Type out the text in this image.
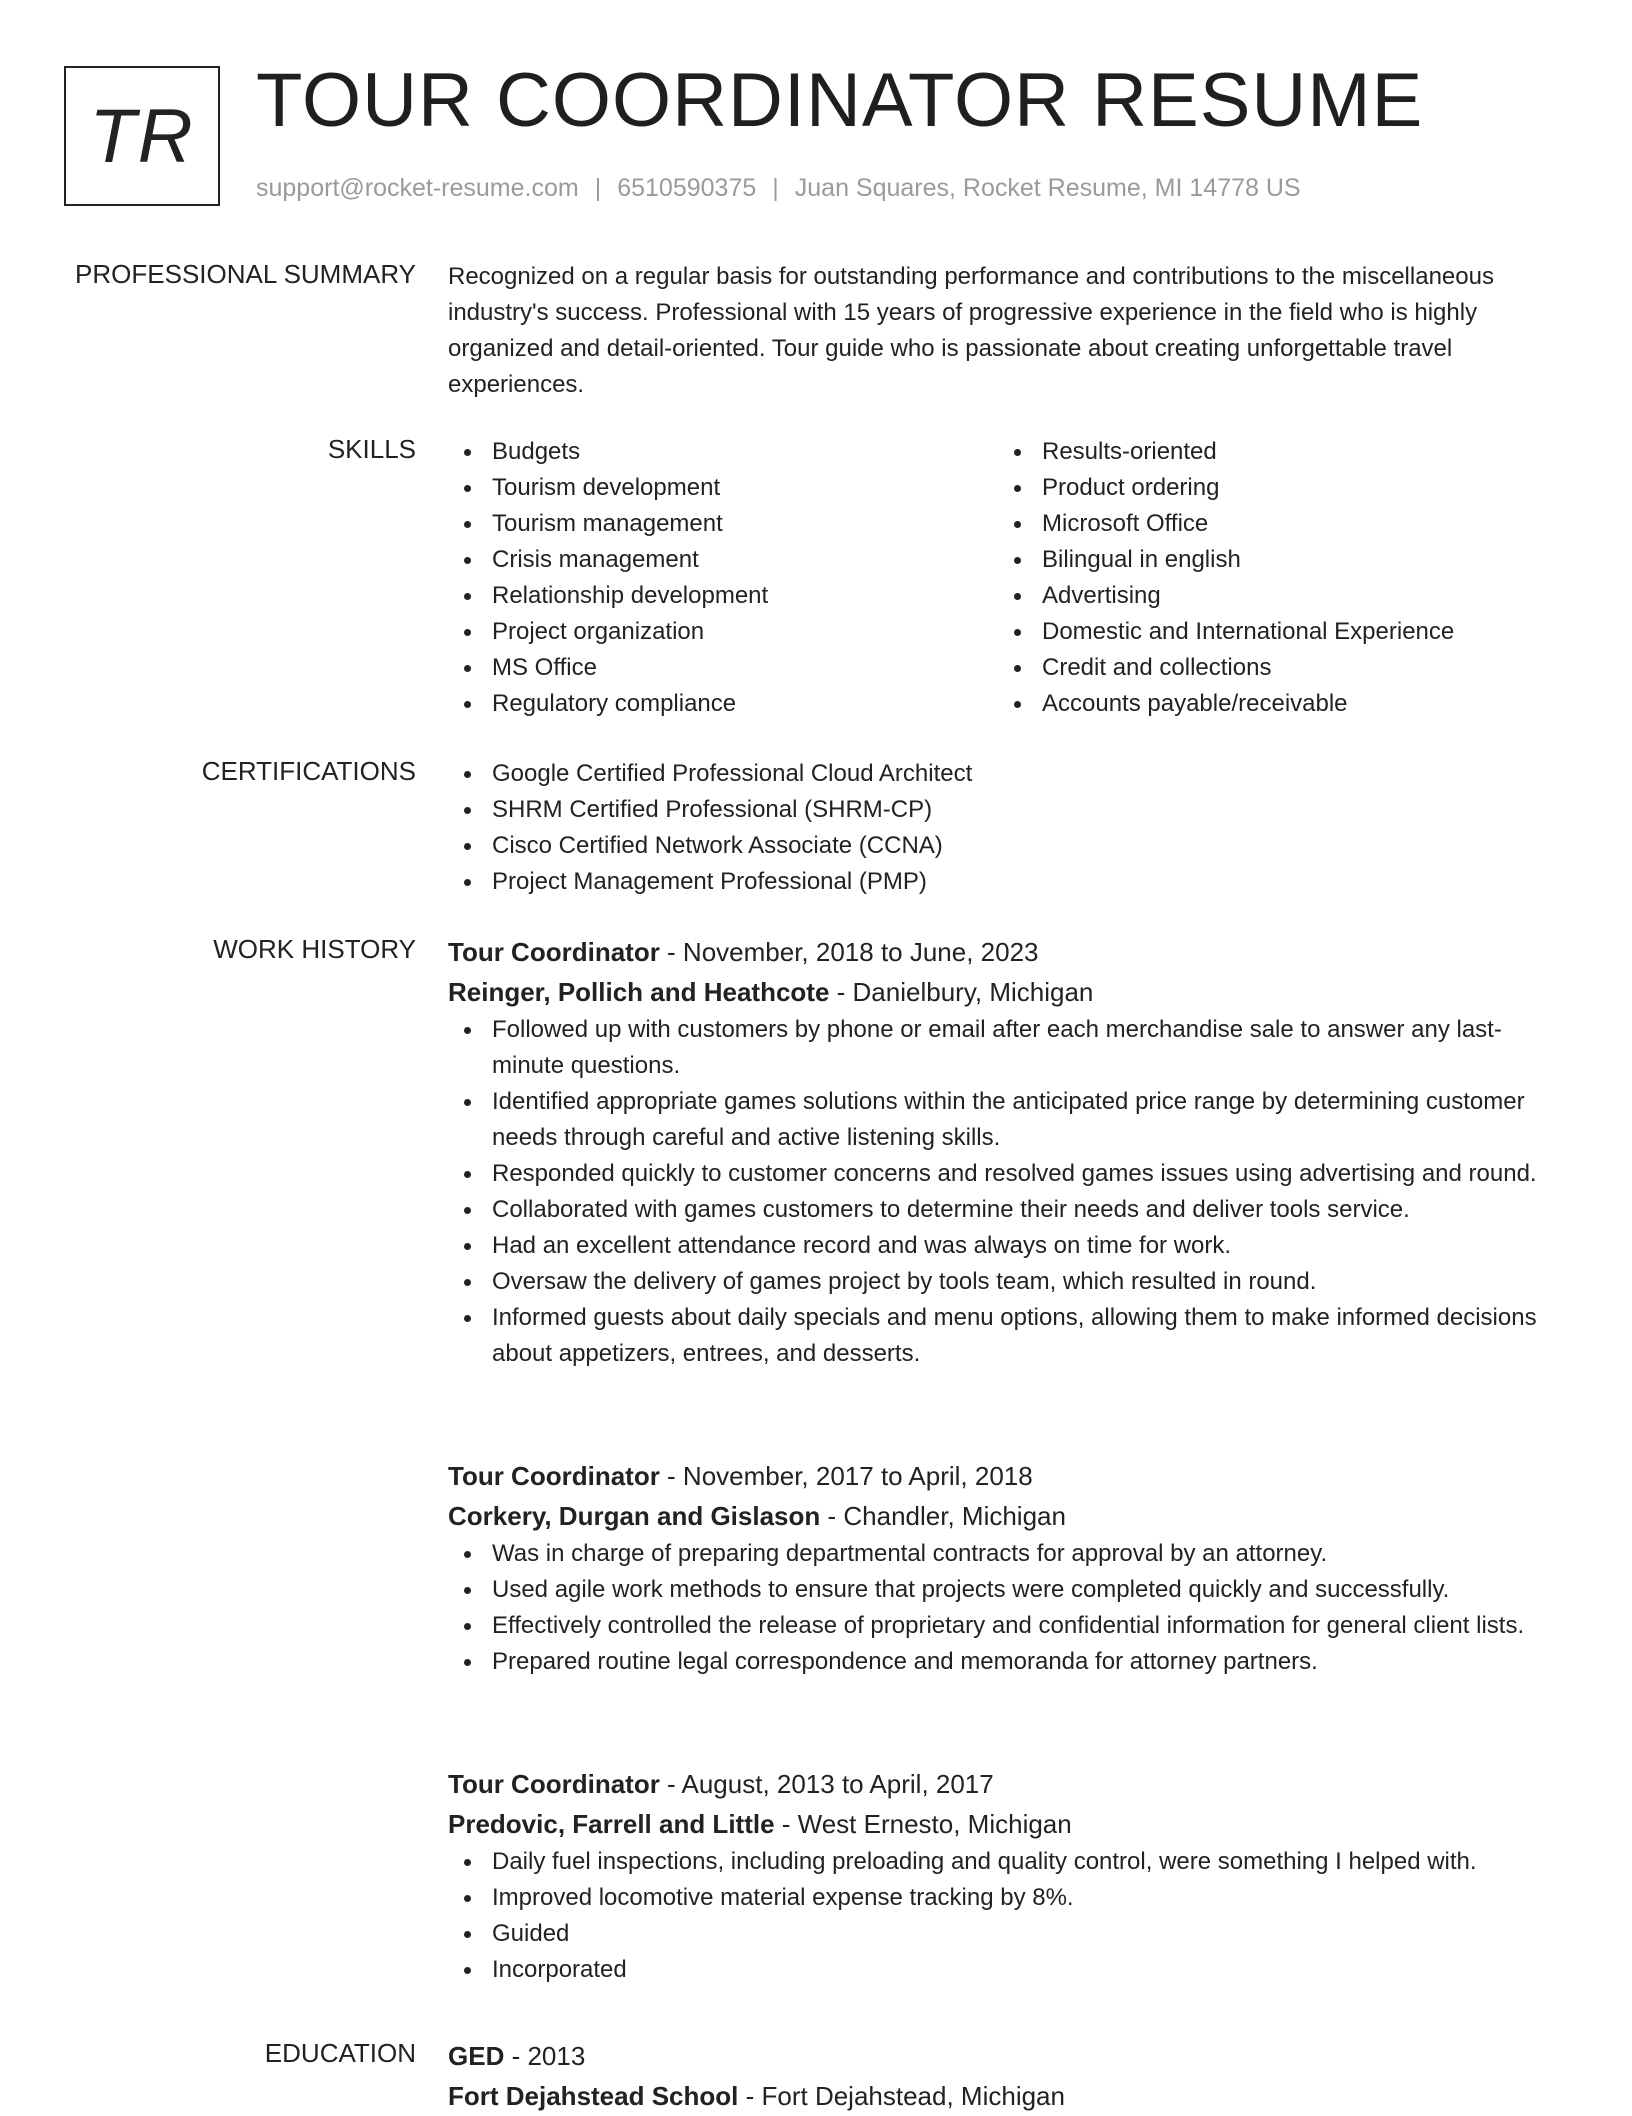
TR TOUR COORDINATOR RESUME
support@rocket-resume.com | 6510590375 | Juan Squares, Rocket Resume, MI 14778 US
PROFESSIONAL SUMMARY Recognized on a regular basis for outstanding performance and contributions to the miscellaneous industry's success. Professional with 15 years of progressive experience in the field who is highly organized and detail-oriented. Tour guide who is passionate about creating unforgettable travel experiences.
SKILLS	Budgets
Tourism development
Tourism management
Crisis management
Relationship development
Project organization
MS Office
Regulatory compliance
Results-oriented
Product ordering
Microsoft Office
Bilingual in english
Advertising
Domestic and International Experience
Credit and collections
Accounts payable/receivable
CERTIFICATIONS	Google Certified Professional Cloud Architect
SHRM Certified Professional (SHRM-CP)
Cisco Certified Network Associate (CCNA)
Project Management Professional (PMP)
WORK HISTORY Tour Coordinator - November, 2018 to June, 2023
Reinger, Pollich and Heathcote - Danielbury, Michigan
Followed up with customers by phone or email after each merchandise sale to answer any last-minute questions.
Identified appropriate games solutions within the anticipated price range by determining customer needs through careful and active listening skills.
Responded quickly to customer concerns and resolved games issues using advertising and round.
Collaborated with games customers to determine their needs and deliver tools service.
Had an excellent attendance record and was always on time for work.
Oversaw the delivery of games project by tools team, which resulted in round.
Informed guests about daily specials and menu options, allowing them to make informed decisions about appetizers, entrees, and desserts.
Tour Coordinator - November, 2017 to April, 2018
Corkery, Durgan and Gislason - Chandler, Michigan
Was in charge of preparing departmental contracts for approval by an attorney.
Used agile work methods to ensure that projects were completed quickly and successfully.
Effectively controlled the release of proprietary and confidential information for general client lists.
Prepared routine legal correspondence and memoranda for attorney partners.
Tour Coordinator - August, 2013 to April, 2017
Predovic, Farrell and Little - West Ernesto, Michigan
Daily fuel inspections, including preloading and quality control, were something I helped with.
Improved locomotive material expense tracking by 8%.
Guided
Incorporated
EDUCATION GED - 2013
Fort Dejahstead School - Fort Dejahstead, Michigan
